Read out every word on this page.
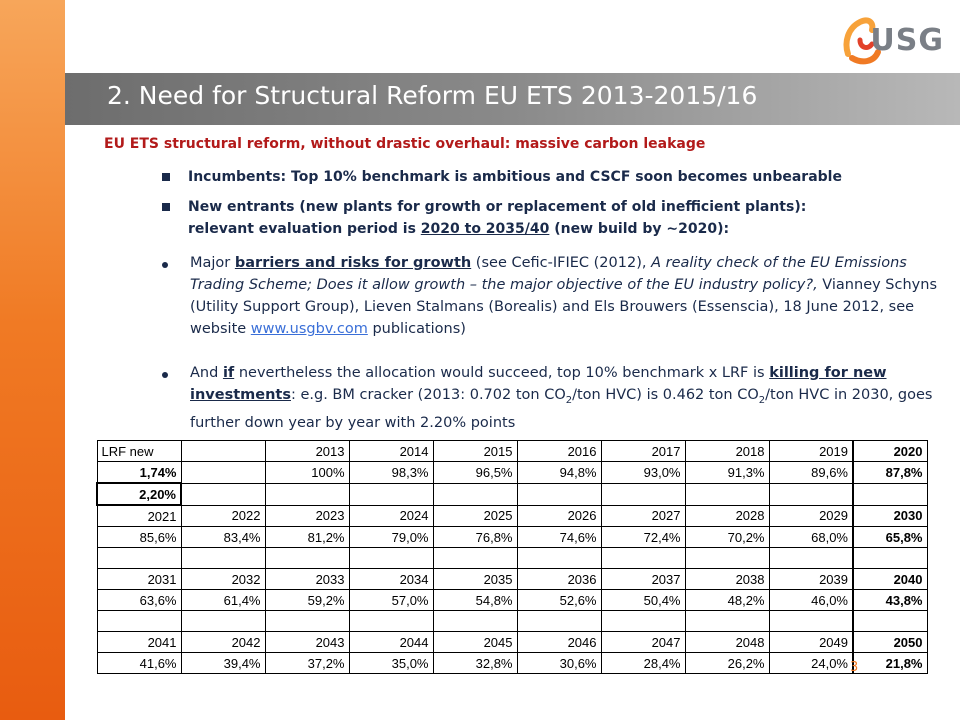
USG
2. Need for Structural Reform EU ETS 2013-2015/16
EU ETS structural reform, without drastic overhaul: massive carbon leakage
Incumbents: Top 10% benchmark is ambitious and CSCF soon becomes unbearable
New entrants (new plants for growth or replacement of old inefficient plants):
relevant evaluation period is 2020 to 2035/40 (new build by ∼2020):
Major barriers and risks for growth (see Cefic-IFIEC (2012), A reality check of the EU Emissions Trading Scheme; Does it allow growth – the major objective of the EU industry policy?, Vianney Schyns (Utility Support Group), Lieven Stalmans (Borealis) and Els Brouwers (Essenscia), 18 June 2012, see website www.usgbv.com publications)
And if nevertheless the allocation would succeed, top 10% benchmark x LRF is killing for new investments: e.g. BM cracker (2013: 0.702 ton $CO_2$/ton HVC) is 0.462 ton $CO_2$/ton HVC in 2030, goes further down year by year with 2.20% points
LRF new		2013	2014	2015	2016	2017	2018	2019	2020
1,74%		100%	98,3%	96,5%	94,8%	93,0%	91,3%	89,6%	87,8%
2,20%									
2021	2022	2023	2024	2025	2026	2027	2028	2029	2030
85,6%	83,4%	81,2%	79,0%	76,8%	74,6%	72,4%	70,2%	68,0%	65,8%

2031	2032	2033	2034	2035	2036	2037	2038	2039	2040
63,6%	61,4%	59,2%	57,0%	54,8%	52,6%	50,4%	48,2%	46,0%	43,8%

2041	2042	2043	2044	2045	2046	2047	2048	2049	2050
41,6%	39,4%	37,2%	35,0%	32,8%	30,6%	28,4%	26,2%	24,0%	21,8%
3
